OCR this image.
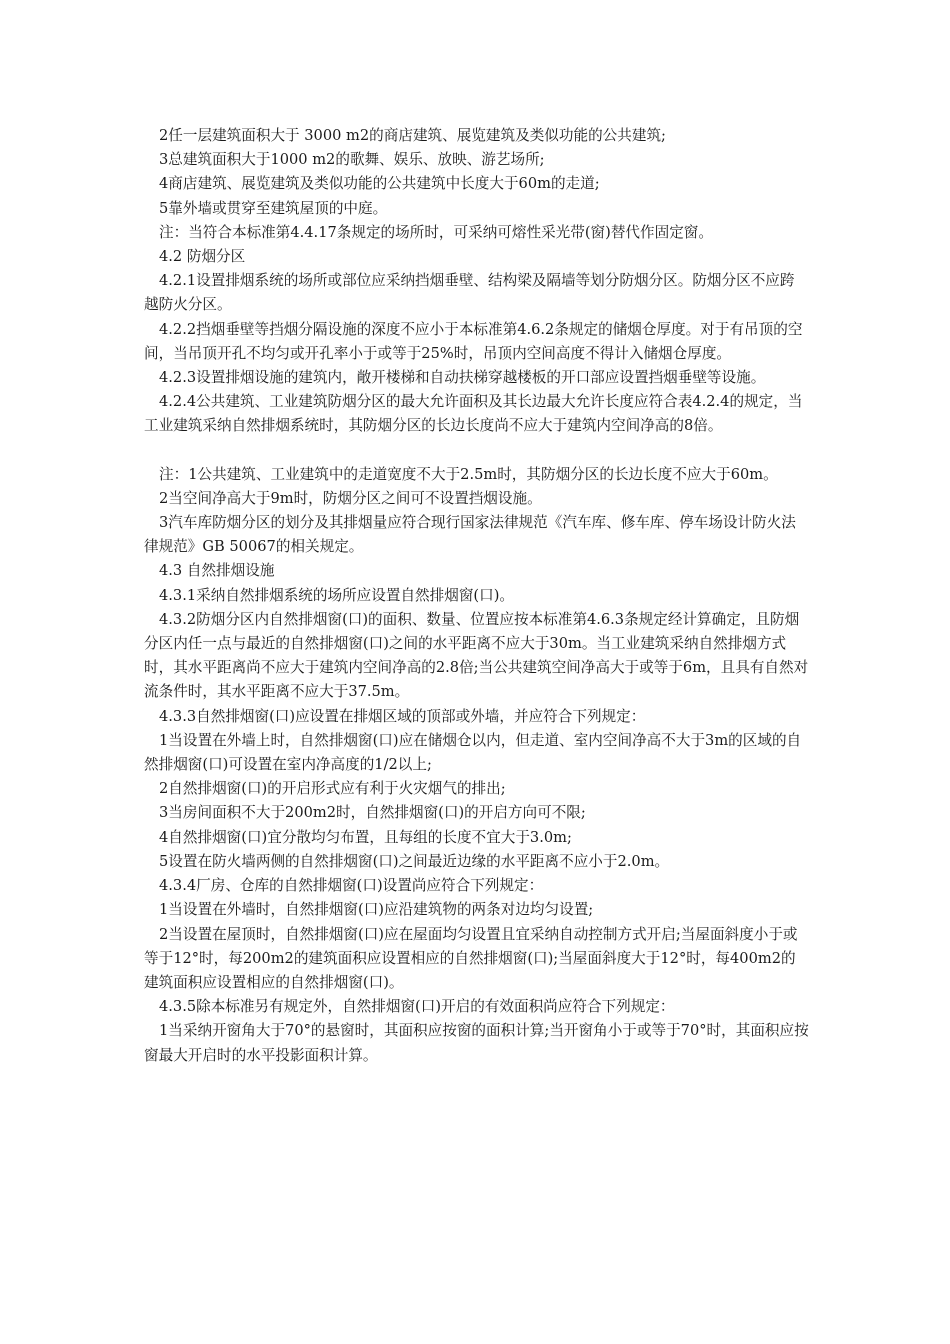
2任一层建筑面积大于 3000 m2的商店建筑、展览建筑及类似功能的公共建筑;

3总建筑面积大于1000 m2的歌舞、娱乐、放映、游艺场所;

4商店建筑、展览建筑及类似功能的公共建筑中长度大于60m的走道;

5靠外墙或贯穿至建筑屋顶的中庭。

注：当符合本标准第4.4.17条规定的场所时，可采纳可熔性采光带(窗)替代作固定窗。

4.2 防烟分区

4.2.1设置排烟系统的场所或部位应采纳挡烟垂壁、结构梁及隔墙等划分防烟分区。防烟分区不应跨越防火分区。

4.2.2挡烟垂壁等挡烟分隔设施的深度不应小于本标准第4.6.2条规定的储烟仓厚度。对于有吊顶的空间，当吊顶开孔不均匀或开孔率小于或等于25%时，吊顶内空间高度不得计入储烟仓厚度。

4.2.3设置排烟设施的建筑内，敞开楼梯和自动扶梯穿越楼板的开口部应设置挡烟垂壁等设施。

4.2.4公共建筑、工业建筑防烟分区的最大允许面积及其长边最大允许长度应符合表4.2.4的规定，当工业建筑采纳自然排烟系统时，其防烟分区的长边长度尚不应大于建筑内空间净高的8倍。

注：1公共建筑、工业建筑中的走道宽度不大于2.5m时，其防烟分区的长边长度不应大于60m。

2当空间净高大于9m时，防烟分区之间可不设置挡烟设施。

3汽车库防烟分区的划分及其排烟量应符合现行国家法律规范《汽车库、修车库、停车场设计防火法律规范》GB 50067的相关规定。

4.3 自然排烟设施

4.3.1采纳自然排烟系统的场所应设置自然排烟窗(口)。

4.3.2防烟分区内自然排烟窗(口)的面积、数量、位置应按本标准第4.6.3条规定经计算确定，且防烟分区内任一点与最近的自然排烟窗(口)之间的水平距离不应大于30m。当工业建筑采纳自然排烟方式时，其水平距离尚不应大于建筑内空间净高的2.8倍;当公共建筑空间净高大于或等于6m，且具有自然对流条件时，其水平距离不应大于37.5m。

4.3.3自然排烟窗(口)应设置在排烟区域的顶部或外墙，并应符合下列规定：

1当设置在外墙上时，自然排烟窗(口)应在储烟仓以内，但走道、室内空间净高不大于3m的区域的自然排烟窗(口)可设置在室内净高度的1/2以上;

2自然排烟窗(口)的开启形式应有利于火灾烟气的排出;

3当房间面积不大于200m2时，自然排烟窗(口)的开启方向可不限;

4自然排烟窗(口)宜分散均匀布置，且每组的长度不宜大于3.0m;

5设置在防火墙两侧的自然排烟窗(口)之间最近边缘的水平距离不应小于2.0m。

4.3.4厂房、仓库的自然排烟窗(口)设置尚应符合下列规定：

1当设置在外墙时，自然排烟窗(口)应沿建筑物的两条对边均匀设置;

2当设置在屋顶时，自然排烟窗(口)应在屋面均匀设置且宜采纳自动控制方式开启;当屋面斜度小于或等于12°时，每200m2的建筑面积应设置相应的自然排烟窗(口);当屋面斜度大于12°时，每400m2的建筑面积应设置相应的自然排烟窗(口)。

4.3.5除本标准另有规定外，自然排烟窗(口)开启的有效面积尚应符合下列规定：

1当采纳开窗角大于70°的悬窗时，其面积应按窗的面积计算;当开窗角小于或等于70°时，其面积应按窗最大开启时的水平投影面积计算。
